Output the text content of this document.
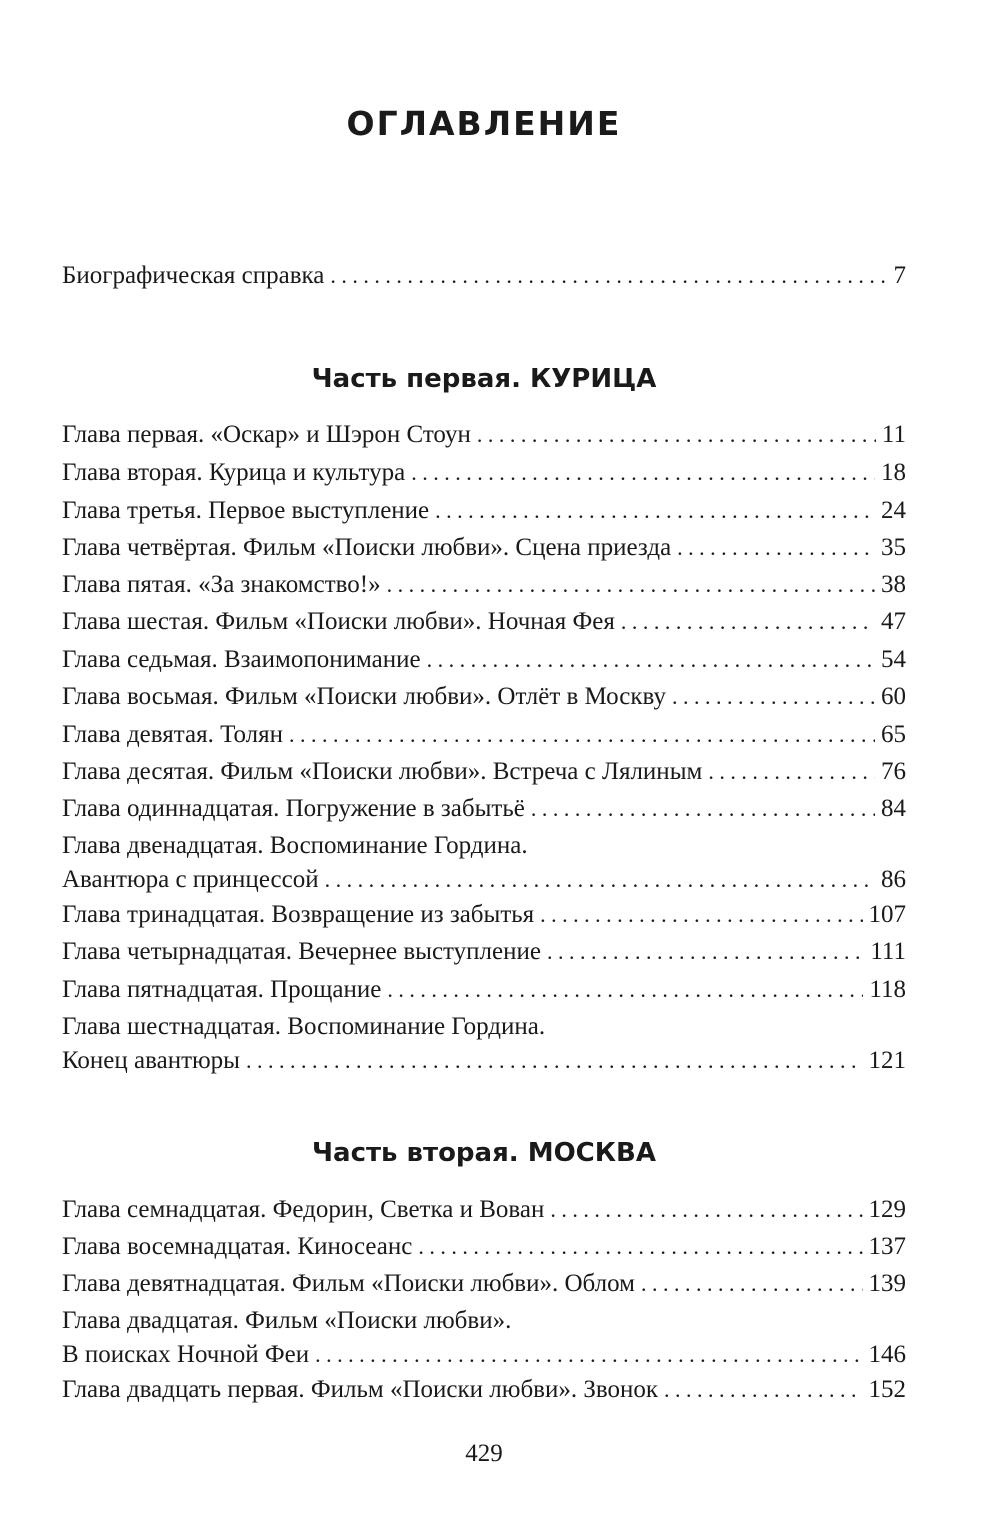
ОГЛАВЛЕНИЕ
Биографическая справка . . .	7
Часть первая. КУРИЦА
Глава первая. «Оскар» и Шэрон Стоун . . .	11
Глава вторая. Курица и культура . . .	18
Глава третья. Первое выступление . . .	24
Глава четвёртая. Фильм «Поиски любви». Сцена приезда . . .	35
Глава пятая. «За знакомство!» . . .	38
Глава шестая. Фильм «Поиски любви». Ночная Фея . . .	47
Глава седьмая. Взаимопонимание . . .	54
Глава восьмая. Фильм «Поиски любви». Отлёт в Москву . . .	60
Глава девятая. Толян . . .	65
Глава десятая. Фильм «Поиски любви». Встреча с Лялиным . . .	76
Глава одиннадцатая. Погружение в забытьё . . .	84
Глава двенадцатая. Воспоминание Гордина.
Авантюра с принцессой . . .	86
Глава тринадцатая. Возвращение из забытья . . .	107
Глава четырнадцатая. Вечернее выступление . . .	111
Глава пятнадцатая. Прощание . . .	118
Глава шестнадцатая. Воспоминание Гордина.
Конец авантюры . . .	121
Часть вторая. МОСКВА
Глава семнадцатая. Федорин, Светка и Вован . . .	129
Глава восемнадцатая. Киносеанс . . .	137
Глава девятнадцатая. Фильм «Поиски любви». Облом . . .	139
Глава двадцатая. Фильм «Поиски любви».
В поисках Ночной Феи . . .	146
Глава двадцать первая. Фильм «Поиски любви». Звонок . . .	152
429
